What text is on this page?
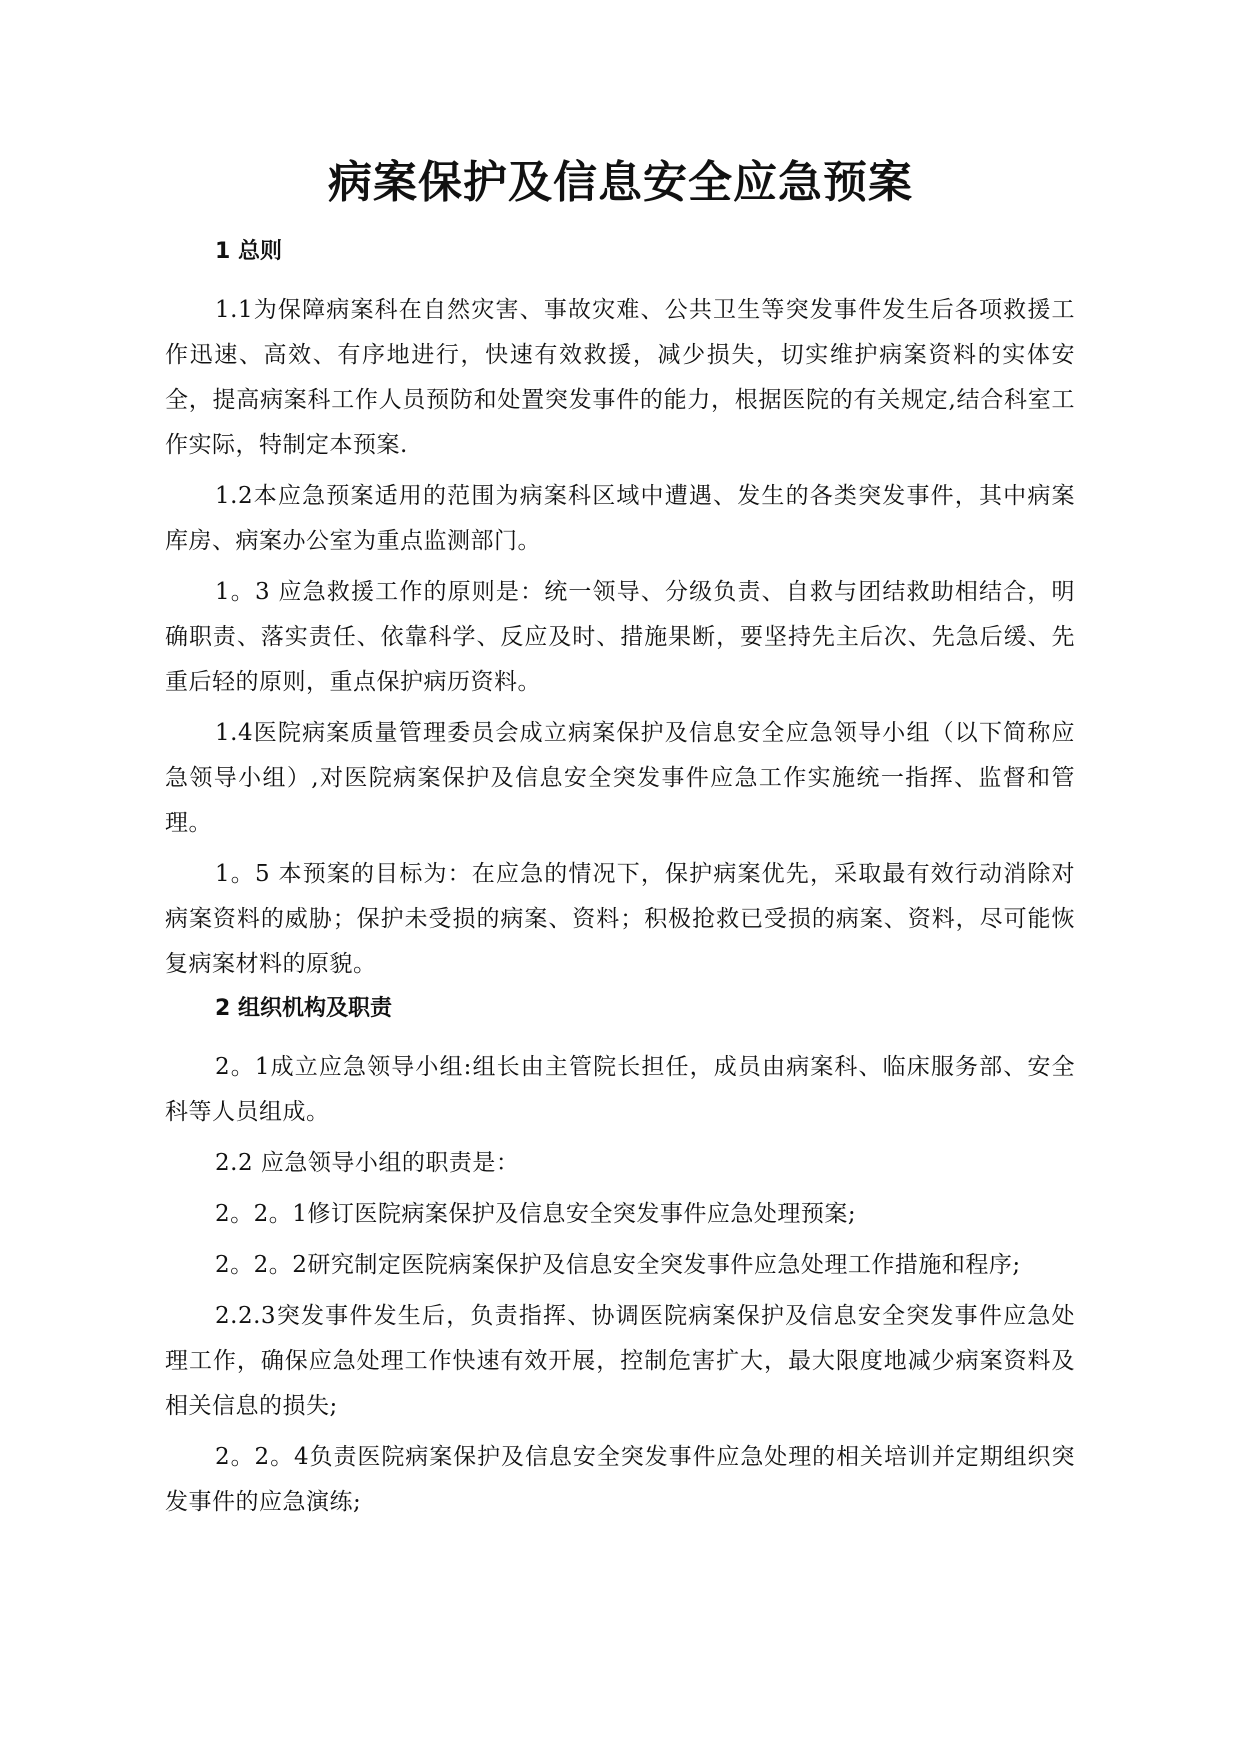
病案保护及信息安全应急预案
1 总则

1.1为保障病案科在自然灾害、事故灾难、公共卫生等突发事件发生后各项救援工作迅速、高效、有序地进行，快速有效救援，减少损失，切实维护病案资料的实体安全，提高病案科工作人员预防和处置突发事件的能力，根据医院的有关规定,结合科室工作实际，特制定本预案.

1.2本应急预案适用的范围为病案科区域中遭遇、发生的各类突发事件，其中病案库房、病案办公室为重点监测部门。

1。3 应急救援工作的原则是：统一领导、分级负责、自救与团结救助相结合，明确职责、落实责任、依靠科学、反应及时、措施果断，要坚持先主后次、先急后缓、先重后轻的原则，重点保护病历资料。

1.4医院病案质量管理委员会成立病案保护及信息安全应急领导小组（以下简称应急领导小组）,对医院病案保护及信息安全突发事件应急工作实施统一指挥、监督和管理。

1。5 本预案的目标为：在应急的情况下，保护病案优先，采取最有效行动消除对病案资料的威胁；保护未受损的病案、资料；积极抢救已受损的病案、资料，尽可能恢复病案材料的原貌。

2 组织机构及职责

2。1成立应急领导小组:组长由主管院长担任，成员由病案科、临床服务部、安全科等人员组成。

2.2 应急领导小组的职责是：

2。2。1修订医院病案保护及信息安全突发事件应急处理预案;

2。2。2研究制定医院病案保护及信息安全突发事件应急处理工作措施和程序;

2.2.3突发事件发生后，负责指挥、协调医院病案保护及信息安全突发事件应急处理工作，确保应急处理工作快速有效开展，控制危害扩大，最大限度地减少病案资料及相关信息的损失;

2。2。4负责医院病案保护及信息安全突发事件应急处理的相关培训并定期组织突发事件的应急演练;
